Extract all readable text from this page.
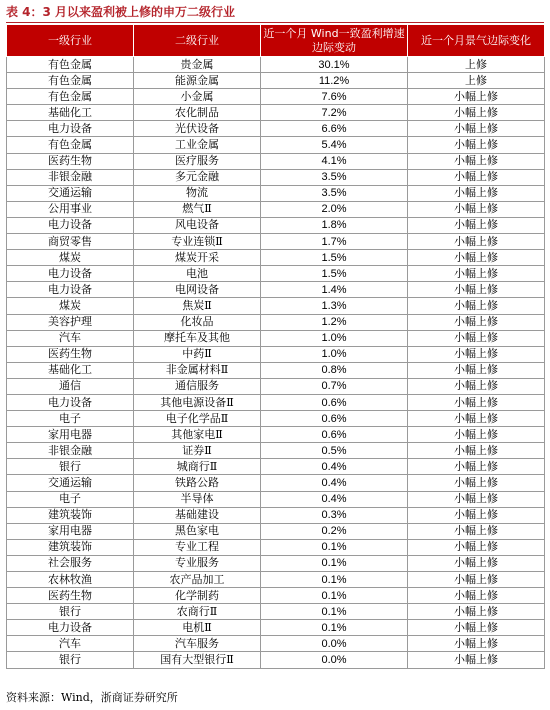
表 4：3 月以来盈利被上修的申万二级行业
一级行业	二级行业	近一个月 Wind一致盈利增速边际变动	近一个月景气边际变化
有色金属	贵金属	30.1%	上修
有色金属	能源金属	11.2%	上修
有色金属	小金属	7.6%	小幅上修
基础化工	农化制品	7.2%	小幅上修
电力设备	光伏设备	6.6%	小幅上修
有色金属	工业金属	5.4%	小幅上修
医药生物	医疗服务	4.1%	小幅上修
非银金融	多元金融	3.5%	小幅上修
交通运输	物流	3.5%	小幅上修
公用事业	燃气Ⅱ	2.0%	小幅上修
电力设备	风电设备	1.8%	小幅上修
商贸零售	专业连锁Ⅱ	1.7%	小幅上修
煤炭	煤炭开采	1.5%	小幅上修
电力设备	电池	1.5%	小幅上修
电力设备	电网设备	1.4%	小幅上修
煤炭	焦炭Ⅱ	1.3%	小幅上修
美容护理	化妆品	1.2%	小幅上修
汽车	摩托车及其他	1.0%	小幅上修
医药生物	中药Ⅱ	1.0%	小幅上修
基础化工	非金属材料Ⅱ	0.8%	小幅上修
通信	通信服务	0.7%	小幅上修
电力设备	其他电源设备Ⅱ	0.6%	小幅上修
电子	电子化学品Ⅱ	0.6%	小幅上修
家用电器	其他家电Ⅱ	0.6%	小幅上修
非银金融	证券Ⅱ	0.5%	小幅上修
银行	城商行Ⅱ	0.4%	小幅上修
交通运输	铁路公路	0.4%	小幅上修
电子	半导体	0.4%	小幅上修
建筑装饰	基础建设	0.3%	小幅上修
家用电器	黑色家电	0.2%	小幅上修
建筑装饰	专业工程	0.1%	小幅上修
社会服务	专业服务	0.1%	小幅上修
农林牧渔	农产品加工	0.1%	小幅上修
医药生物	化学制药	0.1%	小幅上修
银行	农商行Ⅱ	0.1%	小幅上修
电力设备	电机Ⅱ	0.1%	小幅上修
汽车	汽车服务	0.0%	小幅上修
银行	国有大型银行Ⅱ	0.0%	小幅上修
资料来源：Wind，浙商证券研究所
